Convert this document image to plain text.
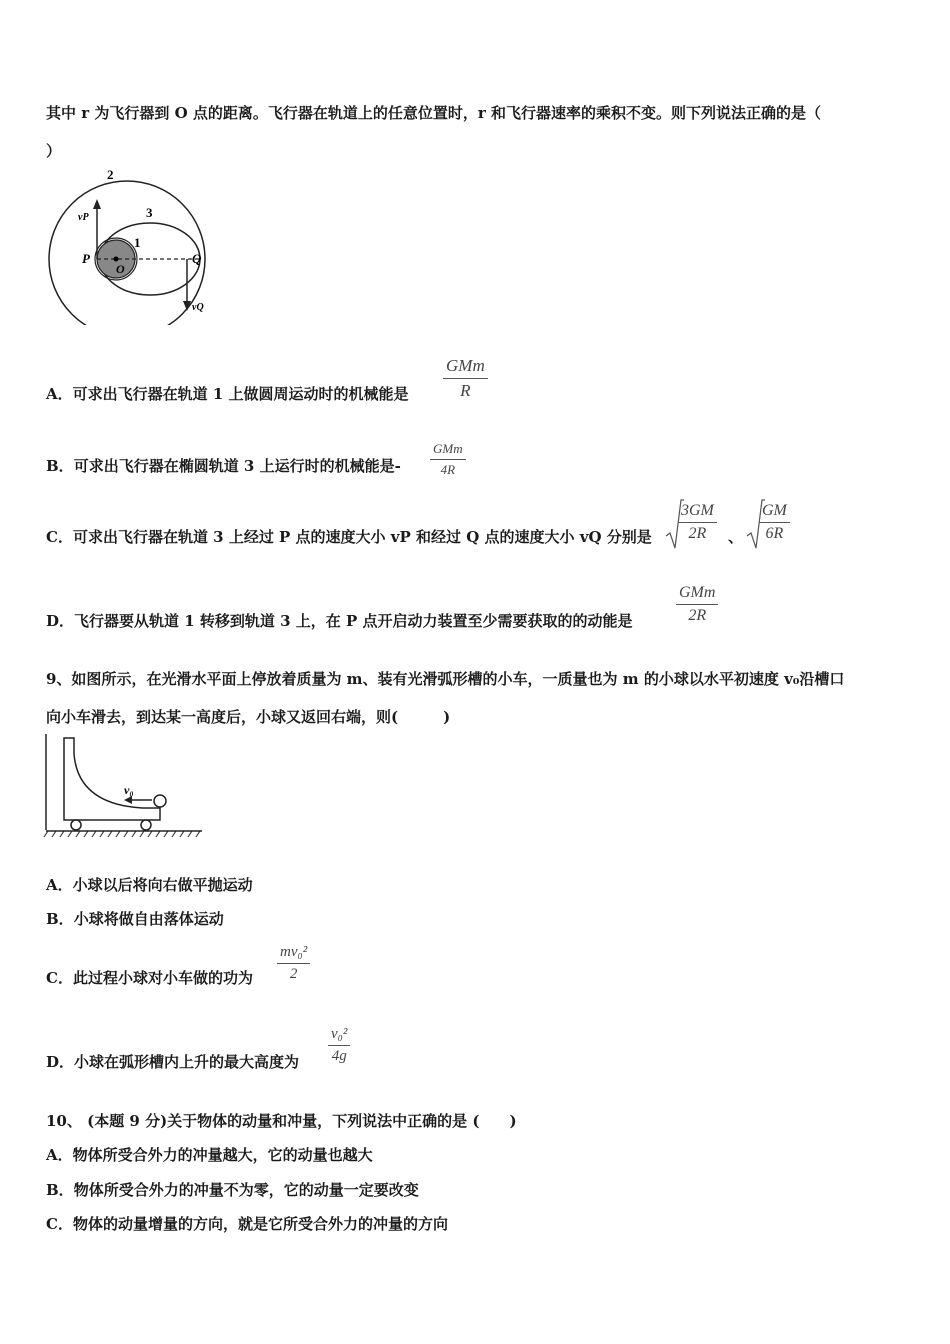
其中 r 为飞行器到 O 点的距离。飞行器在轨道上的任意位置时，r 和飞行器速率的乘积不变。则下列说法正确的是（
）
2
3
1
P
O
Q
vP
vQ
A．可求出飞行器在轨道 1 上做圆周运动时的机械能是
GMm
R
B．可求出飞行器在椭圆轨道 3 上运行时的机械能是-
GMm
4R
C．可求出飞行器在轨道 3 上经过 P 点的速度大小 vP 和经过 Q 点的速度大小 vQ 分别是 $\frac{3GM}{2R}$ 、 $\frac{GM}{6R}$
D．飞行器要从轨道 1 转移到轨道 3 上，在 P 点开启动力装置至少需要获取的的动能是
GMm
2R
9、如图所示，在光滑水平面上停放着质量为 m、装有光滑弧形槽的小车，一质量也为 m 的小球以水平初速度 v₀沿槽口
向小车滑去，到达某一高度后，小球又返回右端，则(　　　)
v₀
A．小球以后将向右做平抛运动
B．小球将做自由落体运动
C．此过程小球对小车做的功为 $\frac{\text{mv₀²}}{2}$
D．小球在弧形槽内上升的最大高度为 $\frac{\text{v₀²}}{4g}$
10、 (本题 9 分)关于物体的动量和冲量，下列说法中正确的是 (　　)
A．物体所受合外力的冲量越大，它的动量也越大
B．物体所受合外力的冲量不为零，它的动量一定要改变
C．物体的动量增量的方向，就是它所受合外力的冲量的方向
